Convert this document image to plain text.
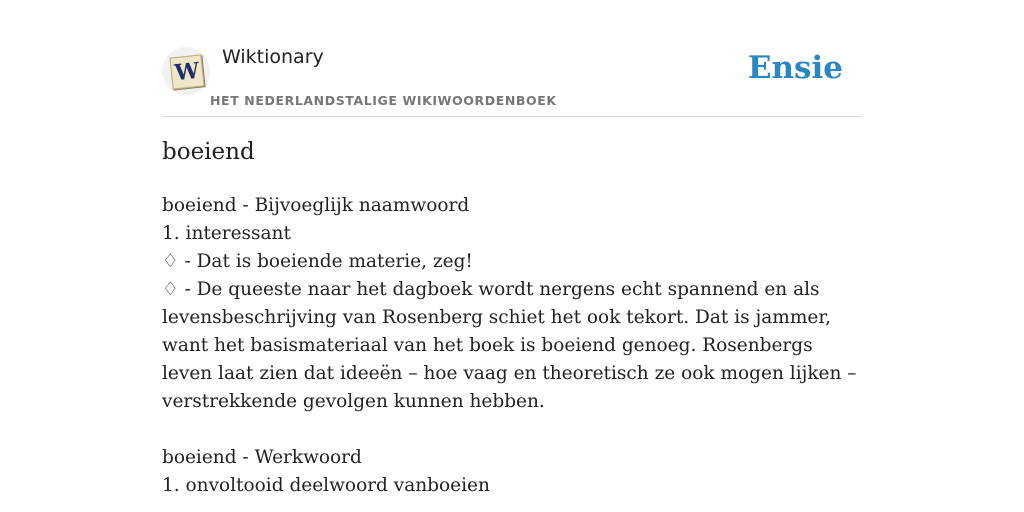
W
Wiktionary
HET NEDERLANDSTALIGE WIKIWOORDENBOEK
Ensie
boeiend
boeiend - Bijvoeglijk naamwoord
1. interessant
♢ - Dat is boeiende materie, zeg!
♢ - De queeste naar het dagboek wordt nergens echt spannend en als levensbeschrijving van Rosenberg schiet het ook tekort. Dat is jammer, want het basismateriaal van het boek is boeiend genoeg. Rosenbergs leven laat zien dat ideeën – hoe vaag en theoretisch ze ook mogen lijken – verstrekkende gevolgen kunnen hebben.
boeiend - Werkwoord
1. onvoltooid deelwoord vanboeien
